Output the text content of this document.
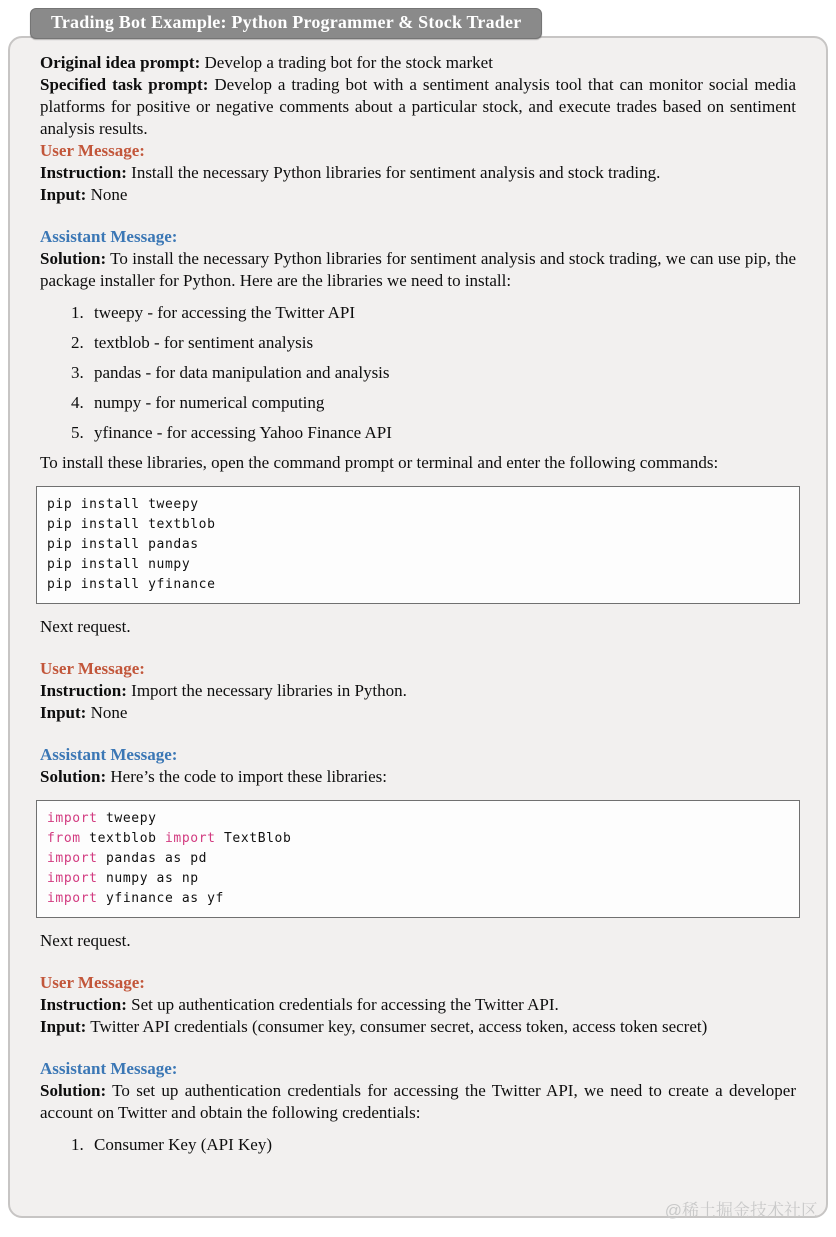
Trading Bot Example: Python Programmer & Stock Trader

Original idea prompt: Develop a trading bot for the stock market

Specified task prompt: Develop a trading bot with a sentiment analysis tool that can monitor social media platforms for positive or negative comments about a particular stock, and execute trades based on sentiment analysis results.

User Message:

Instruction: Install the necessary Python libraries for sentiment analysis and stock trading.

Input: None

Assistant Message:

Solution: To install the necessary Python libraries for sentiment analysis and stock trading, we can use pip, the package installer for Python. Here are the libraries we need to install:

1. tweepy - for accessing the Twitter API
2. textblob - for sentiment analysis
3. pandas - for data manipulation and analysis
4. numpy - for numerical computing
5. yfinance - for accessing Yahoo Finance API

To install these libraries, open the command prompt or terminal and enter the following commands:

pip install tweepy
pip install textblob
pip install pandas
pip install numpy
pip install yfinance

Next request.

User Message:

Instruction: Import the necessary libraries in Python.

Input: None

Assistant Message:

Solution: Here’s the code to import these libraries:

import tweepy
from textblob import TextBlob
import pandas as pd
import numpy as np
import yfinance as yf

Next request.

User Message:

Instruction: Set up authentication credentials for accessing the Twitter API.

Input: Twitter API credentials (consumer key, consumer secret, access token, access token secret)

Assistant Message:

Solution: To set up authentication credentials for accessing the Twitter API, we need to create a developer account on Twitter and obtain the following credentials:

1. Consumer Key (API Key)
@稀土掘金技术社区
